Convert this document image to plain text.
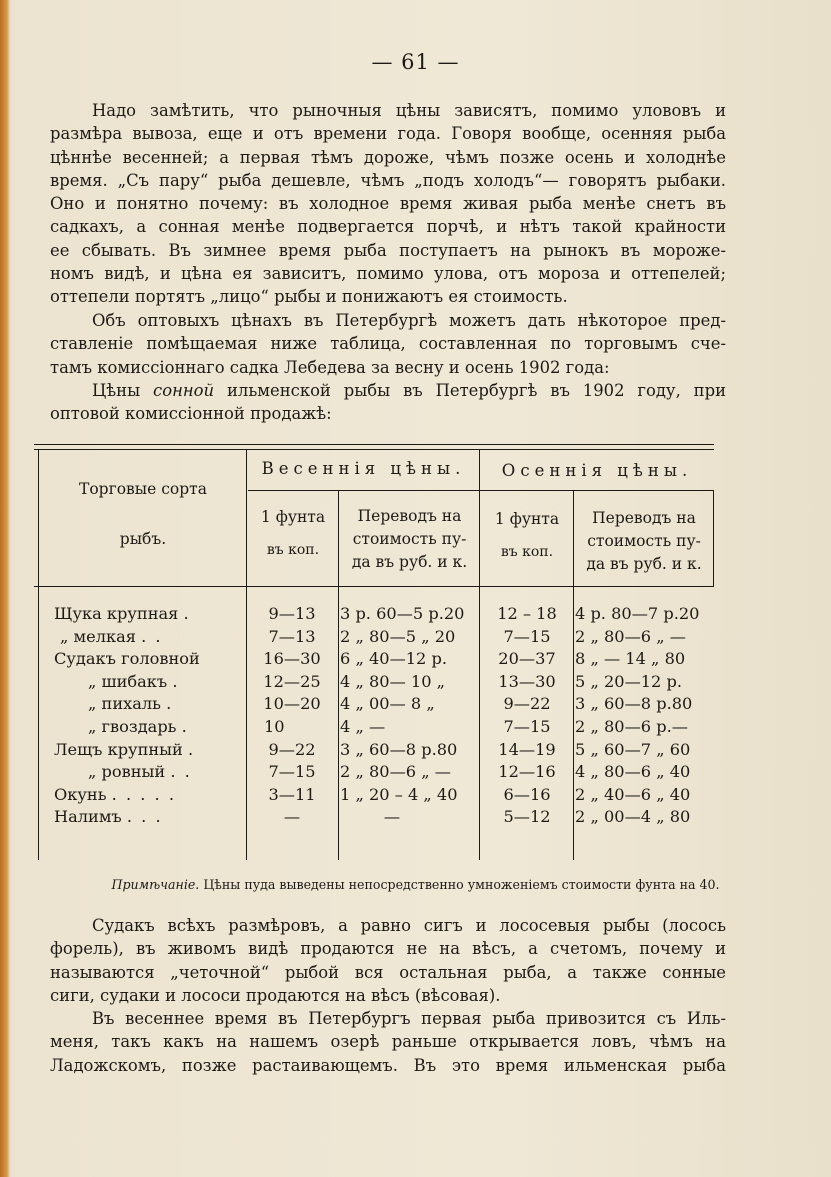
— 61 —
Надо замѣтить, что рыночныя цѣны зависятъ, помимо улововъ и
размѣра вывоза, еще и отъ времени года. Говоря вообще, осенняя рыба
цѣннѣе весенней; а первая тѣмъ дороже, чѣмъ позже осень и холоднѣе
время. „Съ пару“ рыба дешевле, чѣмъ „подъ холодъ“— говорятъ рыбаки.
Оно и понятно почему: въ холодное время живая рыба менѣе снетъ въ
садкахъ, а сонная менѣе подвергается порчѣ, и нѣтъ такой крайности
ее сбывать. Въ зимнее время рыба поступаетъ на рынокъ въ мороже-
номъ видѣ, и цѣна ея зависитъ, помимо улова, отъ мороза и оттепелей;
оттепели портятъ „лицо“ рыбы и понижаютъ ея стоимость.
Объ оптовыхъ цѣнахъ въ Петербургѣ можетъ дать нѣкоторое пред-
ставленіе помѣщаемая ниже таблица, составленная по торговымъ сче-
тамъ комиссіоннаго садка Лебедева за весну и осень 1902 года:
Цѣны сонной ильменской рыбы въ Петербургѣ въ 1902 году, при
оптовой комиссіонной продажѣ:
Торговые сорта
рыбъ.
Весеннія цѣны.	Осеннія цѣны.
1 фунта
въ коп.
Переводъ на
стоимость пу-
да въ руб. и к.
1 фунта
въ коп.
Переводъ на
стоимость пу-
да въ руб. и к.
Щука крупная .
„ мелкая . .
Судакъ головной
„ шибакъ .
„ пихаль .
„ гвоздарь .
Лещъ крупный .
„ ровный . .
Окунь . . . . .
Налимъ . . .
9—13
7—13
16—30
12—25
10—20
10
9—22
7—15
3—11
—
3 р. 60—5 р.20
2 „ 80—5 „ 20
6 „ 40—12 р.
4 „ 80— 10 „
4 „ 00— 8 „
4 „ —
3 „ 60—8 р.80
2 „ 80—6 „ —
1 „ 20 – 4 „ 40
—
12 – 18
7—15
20—37
13—30
9—22
7—15
14—19
12—16
6—16
5—12
4 р. 80—7 р.20
2 „ 80—6 „ —
8 „ — 14 „ 80
5 „ 20—12 р.
3 „ 60—8 р.80
2 „ 80—6 р.—
5 „ 60—7 „ 60
4 „ 80—6 „ 40
2 „ 40—6 „ 40
2 „ 00—4 „ 80
Примѣчаніе. Цѣны пуда выведены непосредственно умноженіемъ стоимости фунта на 40.
Судакъ всѣхъ размѣровъ, а равно сигъ и лососевыя рыбы (лосось
форель), въ живомъ видѣ продаются не на вѣсъ, а счетомъ, почему и
называются „четочной“ рыбой вся остальная рыба, а также сонные
сиги, судаки и лососи продаются на вѣсъ (вѣсовая).
Въ весеннее время въ Петербургъ первая рыба привозится съ Иль-
меня, такъ какъ на нашемъ озерѣ раньше открывается ловъ, чѣмъ на
Ладожскомъ, позже растаивающемъ. Въ это время ильменская рыба
